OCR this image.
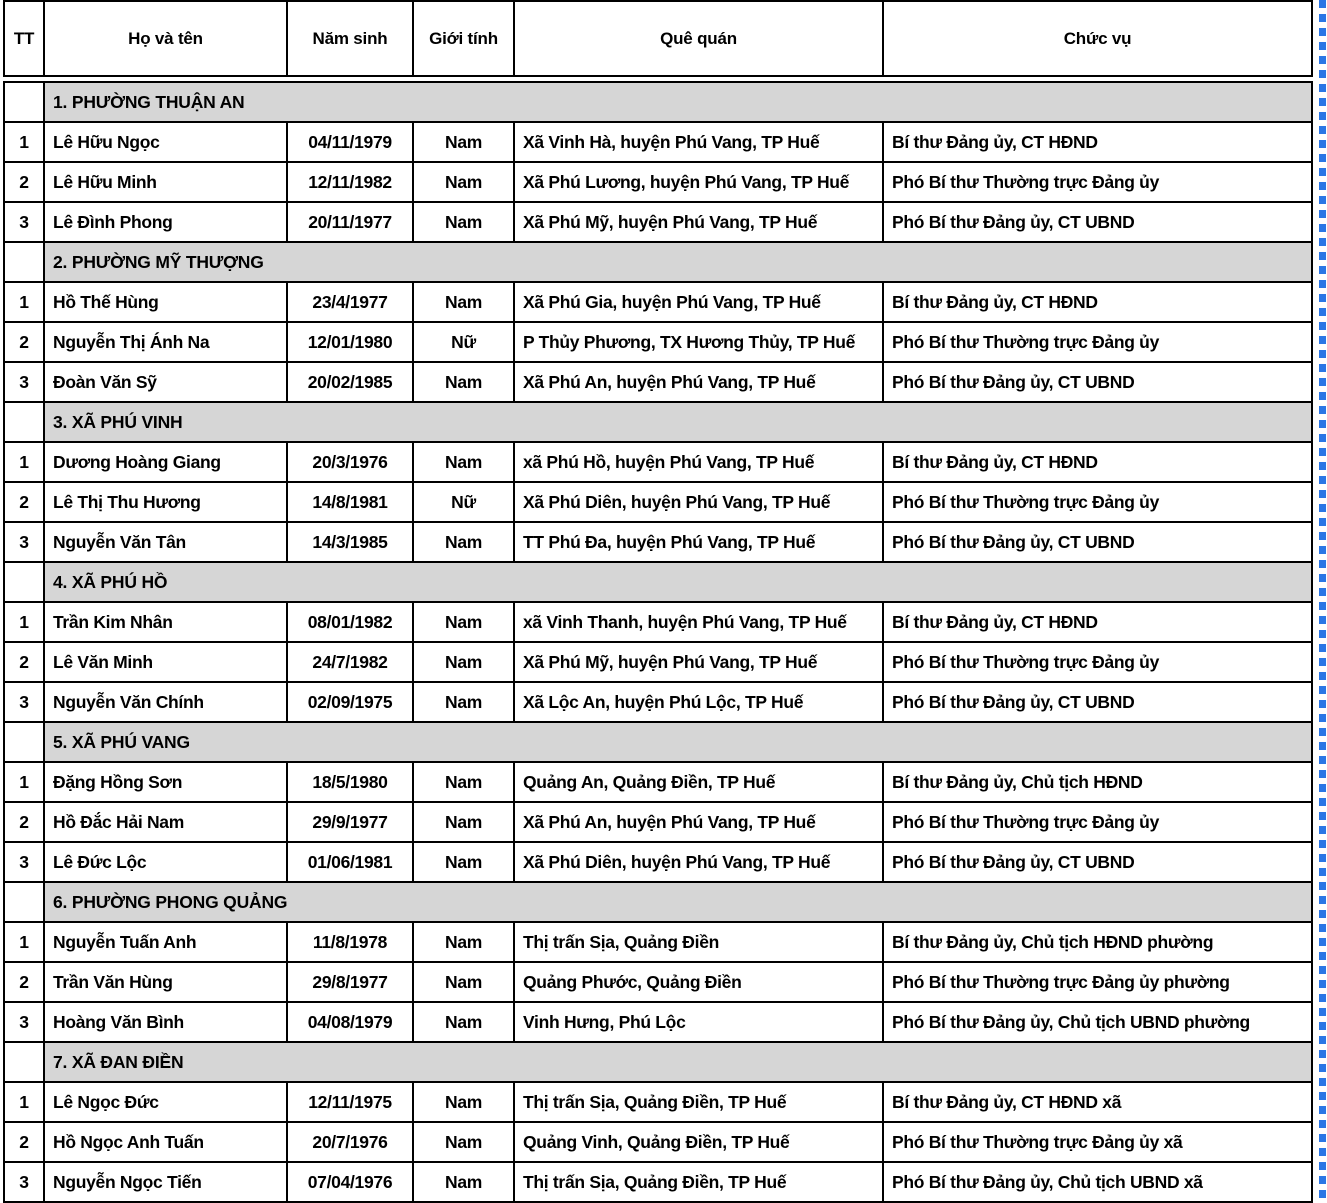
TT	Họ và tên	Năm sinh	Giới tính	Quê quán	Chức vụ
	1. PHƯỜNG THUẬN AN				
1	Lê Hữu Ngọc	04/11/1979	Nam	Xã Vinh Hà, huyện Phú Vang, TP Huế	Bí thư Đảng ủy, CT HĐND
2	Lê Hữu Minh	12/11/1982	Nam	Xã Phú Lương, huyện Phú Vang, TP Huế	Phó Bí thư Thường trực Đảng ủy
3	Lê Đình Phong	20/11/1977	Nam	Xã Phú Mỹ, huyện Phú Vang, TP Huế	Phó Bí thư Đảng ủy, CT UBND
	2. PHƯỜNG MỸ THƯỢNG				
1	Hồ Thế Hùng	23/4/1977	Nam	Xã Phú Gia, huyện Phú Vang, TP Huế	Bí thư Đảng ủy, CT HĐND
2	Nguyễn Thị Ánh Na	12/01/1980	Nữ	P Thủy Phương, TX Hương Thủy, TP Huế	Phó Bí thư Thường trực Đảng ủy
3	Đoàn Văn Sỹ	20/02/1985	Nam	Xã Phú An, huyện Phú Vang, TP Huế	Phó Bí thư Đảng ủy, CT UBND
	3. XÃ PHÚ VINH				
1	Dương Hoàng Giang	20/3/1976	Nam	xã Phú Hồ, huyện Phú Vang, TP Huế	Bí thư Đảng ủy, CT HĐND
2	Lê Thị Thu Hương	14/8/1981	Nữ	Xã Phú Diên, huyện Phú Vang, TP Huế	Phó Bí thư Thường trực Đảng ủy
3	Nguyễn Văn Tân	14/3/1985	Nam	TT Phú Đa, huyện Phú Vang, TP Huế	Phó Bí thư Đảng ủy, CT UBND
	4. XÃ PHÚ HỒ				
1	Trần Kim Nhân	08/01/1982	Nam	xã Vinh Thanh, huyện Phú Vang, TP Huế	Bí thư Đảng ủy, CT HĐND
2	Lê Văn Minh	24/7/1982	Nam	Xã Phú Mỹ, huyện Phú Vang, TP Huế	Phó Bí thư Thường trực Đảng ủy
3	Nguyễn Văn Chính	02/09/1975	Nam	Xã Lộc An, huyện Phú Lộc, TP Huế	Phó Bí thư Đảng ủy, CT UBND
	5. XÃ PHÚ VANG				
1	Đặng Hồng Sơn	18/5/1980	Nam	Quảng An, Quảng Điền, TP Huế	Bí thư Đảng ủy, Chủ tịch HĐND
2	Hồ Đắc Hải Nam	29/9/1977	Nam	Xã Phú An, huyện Phú Vang, TP Huế	Phó Bí thư Thường trực Đảng ủy
3	Lê Đức Lộc	01/06/1981	Nam	Xã Phú Diên, huyện Phú Vang, TP Huế	Phó Bí thư Đảng ủy, CT UBND
	6. PHƯỜNG PHONG QUẢNG				
1	Nguyễn Tuấn Anh	11/8/1978	Nam	Thị trấn Sịa, Quảng Điền	Bí thư Đảng ủy, Chủ tịch HĐND phường
2	Trần Văn Hùng	29/8/1977	Nam	Quảng Phước, Quảng Điền	Phó Bí thư Thường trực Đảng ủy phường
3	Hoàng Văn Bình	04/08/1979	Nam	Vinh Hưng, Phú Lộc	Phó Bí thư Đảng ủy, Chủ tịch UBND phường
	7. XÃ ĐAN ĐIỀN				
1	Lê Ngọc Đức	12/11/1975	Nam	Thị trấn Sịa, Quảng Điền, TP Huế	Bí thư Đảng ủy, CT HĐND xã
2	Hồ Ngọc Anh Tuấn	20/7/1976	Nam	Quảng Vinh, Quảng Điền, TP Huế	Phó Bí thư Thường trực Đảng ủy xã
3	Nguyễn Ngọc Tiến	07/04/1976	Nam	Thị trấn Sịa, Quảng Điền, TP Huế	Phó Bí thư Đảng ủy, Chủ tịch UBND xã
